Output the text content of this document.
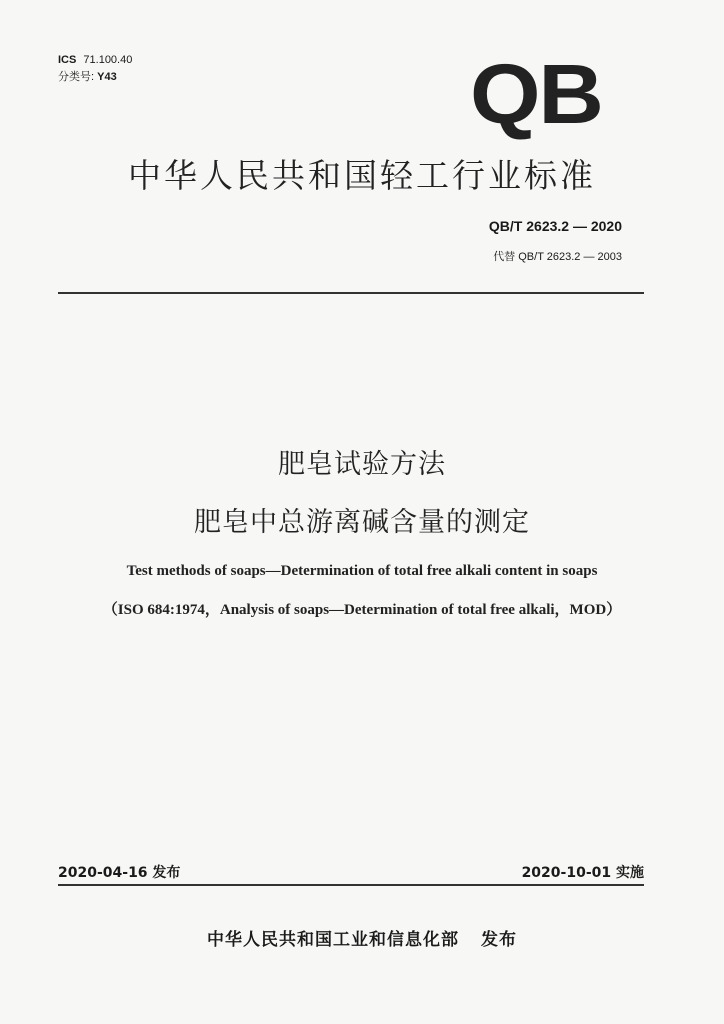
ICS 71.100.40
分类号: Y43	QB
中华人民共和国轻工行业标准
QB/T 2623.2 — 2020
代替 QB/T 2623.2 — 2003
肥皂试验方法
肥皂中总游离碱含量的测定
Test methods of soaps—Determination of total free alkali content in soaps
（ISO 684:1974，Analysis of soaps—Determination of total free alkali，MOD）
2020-04-16 发布	2020-10-01 实施
中华人民共和国工业和信息化部 发布
